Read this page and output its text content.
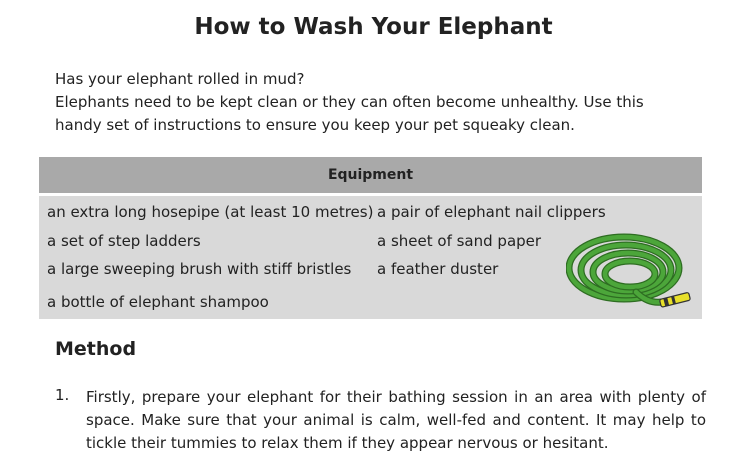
How to Wash Your Elephant
Has your elephant rolled in mud?
Elephants need to be kept clean or they can often become unhealthy. Use this
handy set of instructions to ensure you keep your pet squeaky clean.
Equipment
an extra long hosepipe (at least 10 metres) a pair of elephant nail clippers
a set of step ladders	a sheet of sand paper
a large sweeping brush with stiff bristles a feather duster
a bottle of elephant shampoo
Method
1. Firstly, prepare your elephant for their bathing session in an area with plenty of space. Make sure that your animal is calm, well-fed and content. It may help to tickle their tummies to relax them if they appear nervous or hesitant.
